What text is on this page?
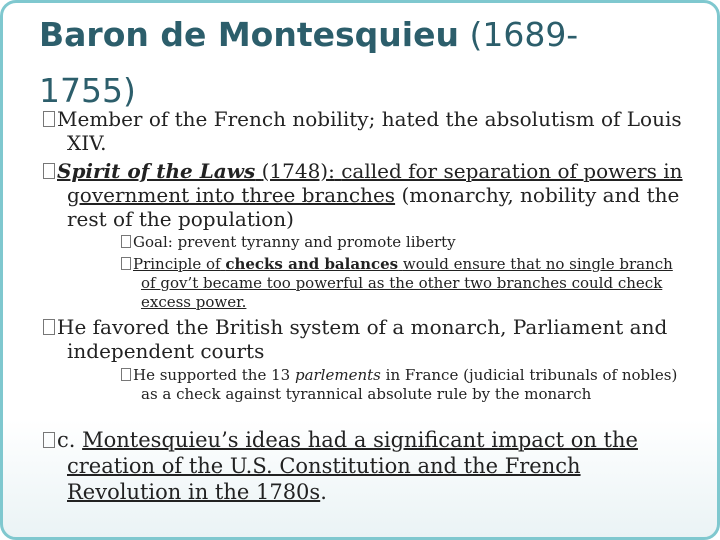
Baron de Montesquieu (1689-1755)
Member of the French nobility; hated the absolutism of Louis XIV.
Spirit of the Laws (1748): called for separation of powers in government into three branches (monarchy, nobility and the rest of the population)
Goal: prevent tyranny and promote liberty
Principle of checks and balances would ensure that no single branch of gov’t became too powerful as the other two branches could check excess power.
He favored the British system of a monarch, Parliament and independent courts
He supported the 13 parlements in France (judicial tribunals of nobles) as a check against tyrannical absolute rule by the monarch
c. Montesquieu’s ideas had a significant impact on the creation of the U.S. Constitution and the French Revolution in the 1780s.
